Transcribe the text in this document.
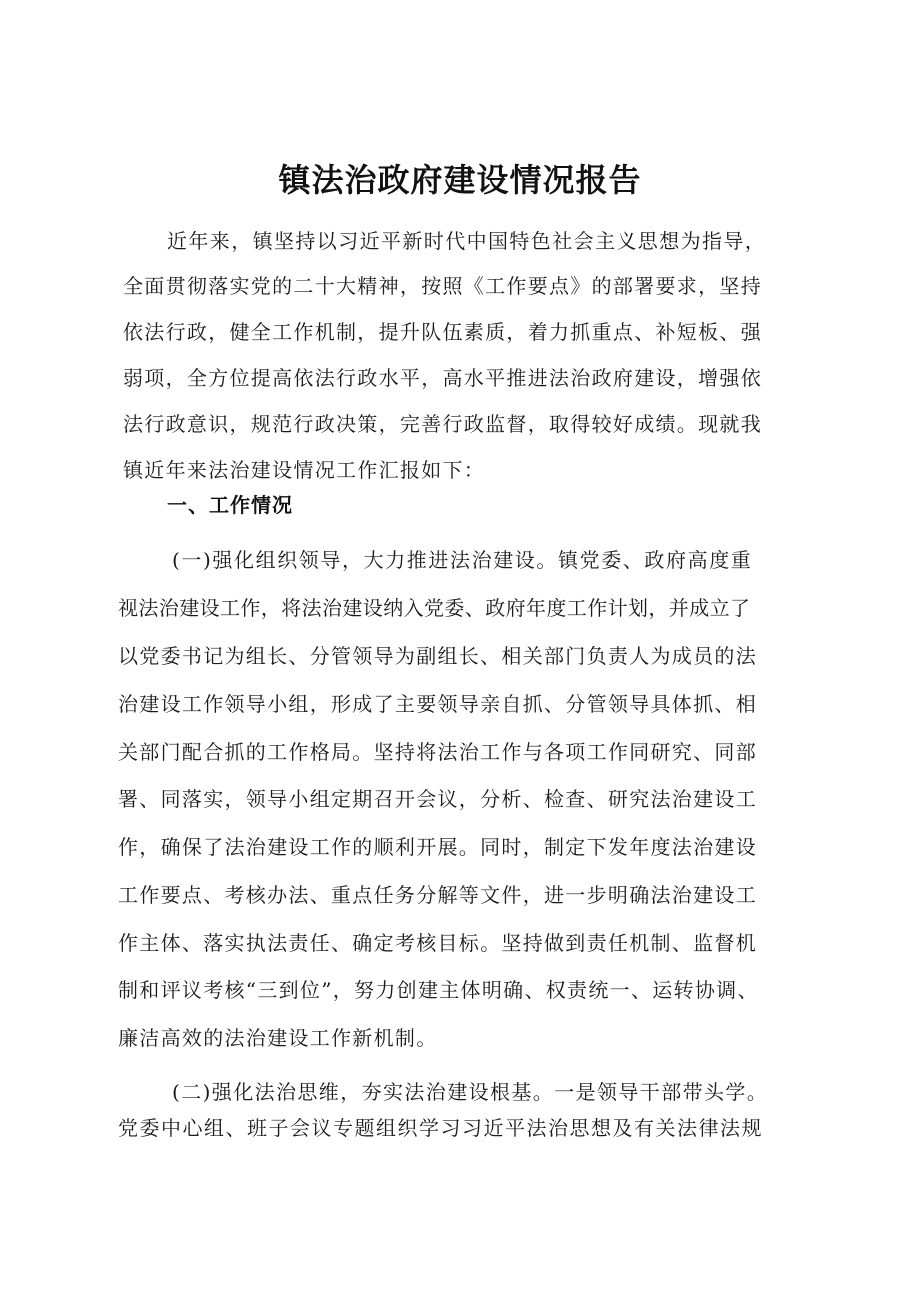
镇法治政府建设情况报告
近年来，镇坚持以习近平新时代中国特色社会主义思想为指导，
全面贯彻落实党的二十大精神，按照《工作要点》的部署要求，坚持
依法行政，健全工作机制，提升队伍素质，着力抓重点、补短板、强
弱项，全方位提高依法行政水平，高水平推进法治政府建设，增强依
法行政意识，规范行政决策，完善行政监督，取得较好成绩。现就我
镇近年来法治建设情况工作汇报如下：
一、工作情况
(一)强化组织领导，大力推进法治建设。镇党委、政府高度重
视法治建设工作，将法治建设纳入党委、政府年度工作计划，并成立了
以党委书记为组长、分管领导为副组长、相关部门负责人为成员的法
治建设工作领导小组，形成了主要领导亲自抓、分管领导具体抓、相
关部门配合抓的工作格局。坚持将法治工作与各项工作同研究、同部
署、同落实，领导小组定期召开会议，分析、检查、研究法治建设工
作，确保了法治建设工作的顺利开展。同时，制定下发年度法治建设
工作要点、考核办法、重点任务分解等文件，进一步明确法治建设工
作主体、落实执法责任、确定考核目标。坚持做到责任机制、监督机
制和评议考核“三到位”，努力创建主体明确、权责统一、运转协调、
廉洁高效的法治建设工作新机制。
(二)强化法治思维，夯实法治建设根基。一是领导干部带头学。
党委中心组、班子会议专题组织学习习近平法治思想及有关法律法规
